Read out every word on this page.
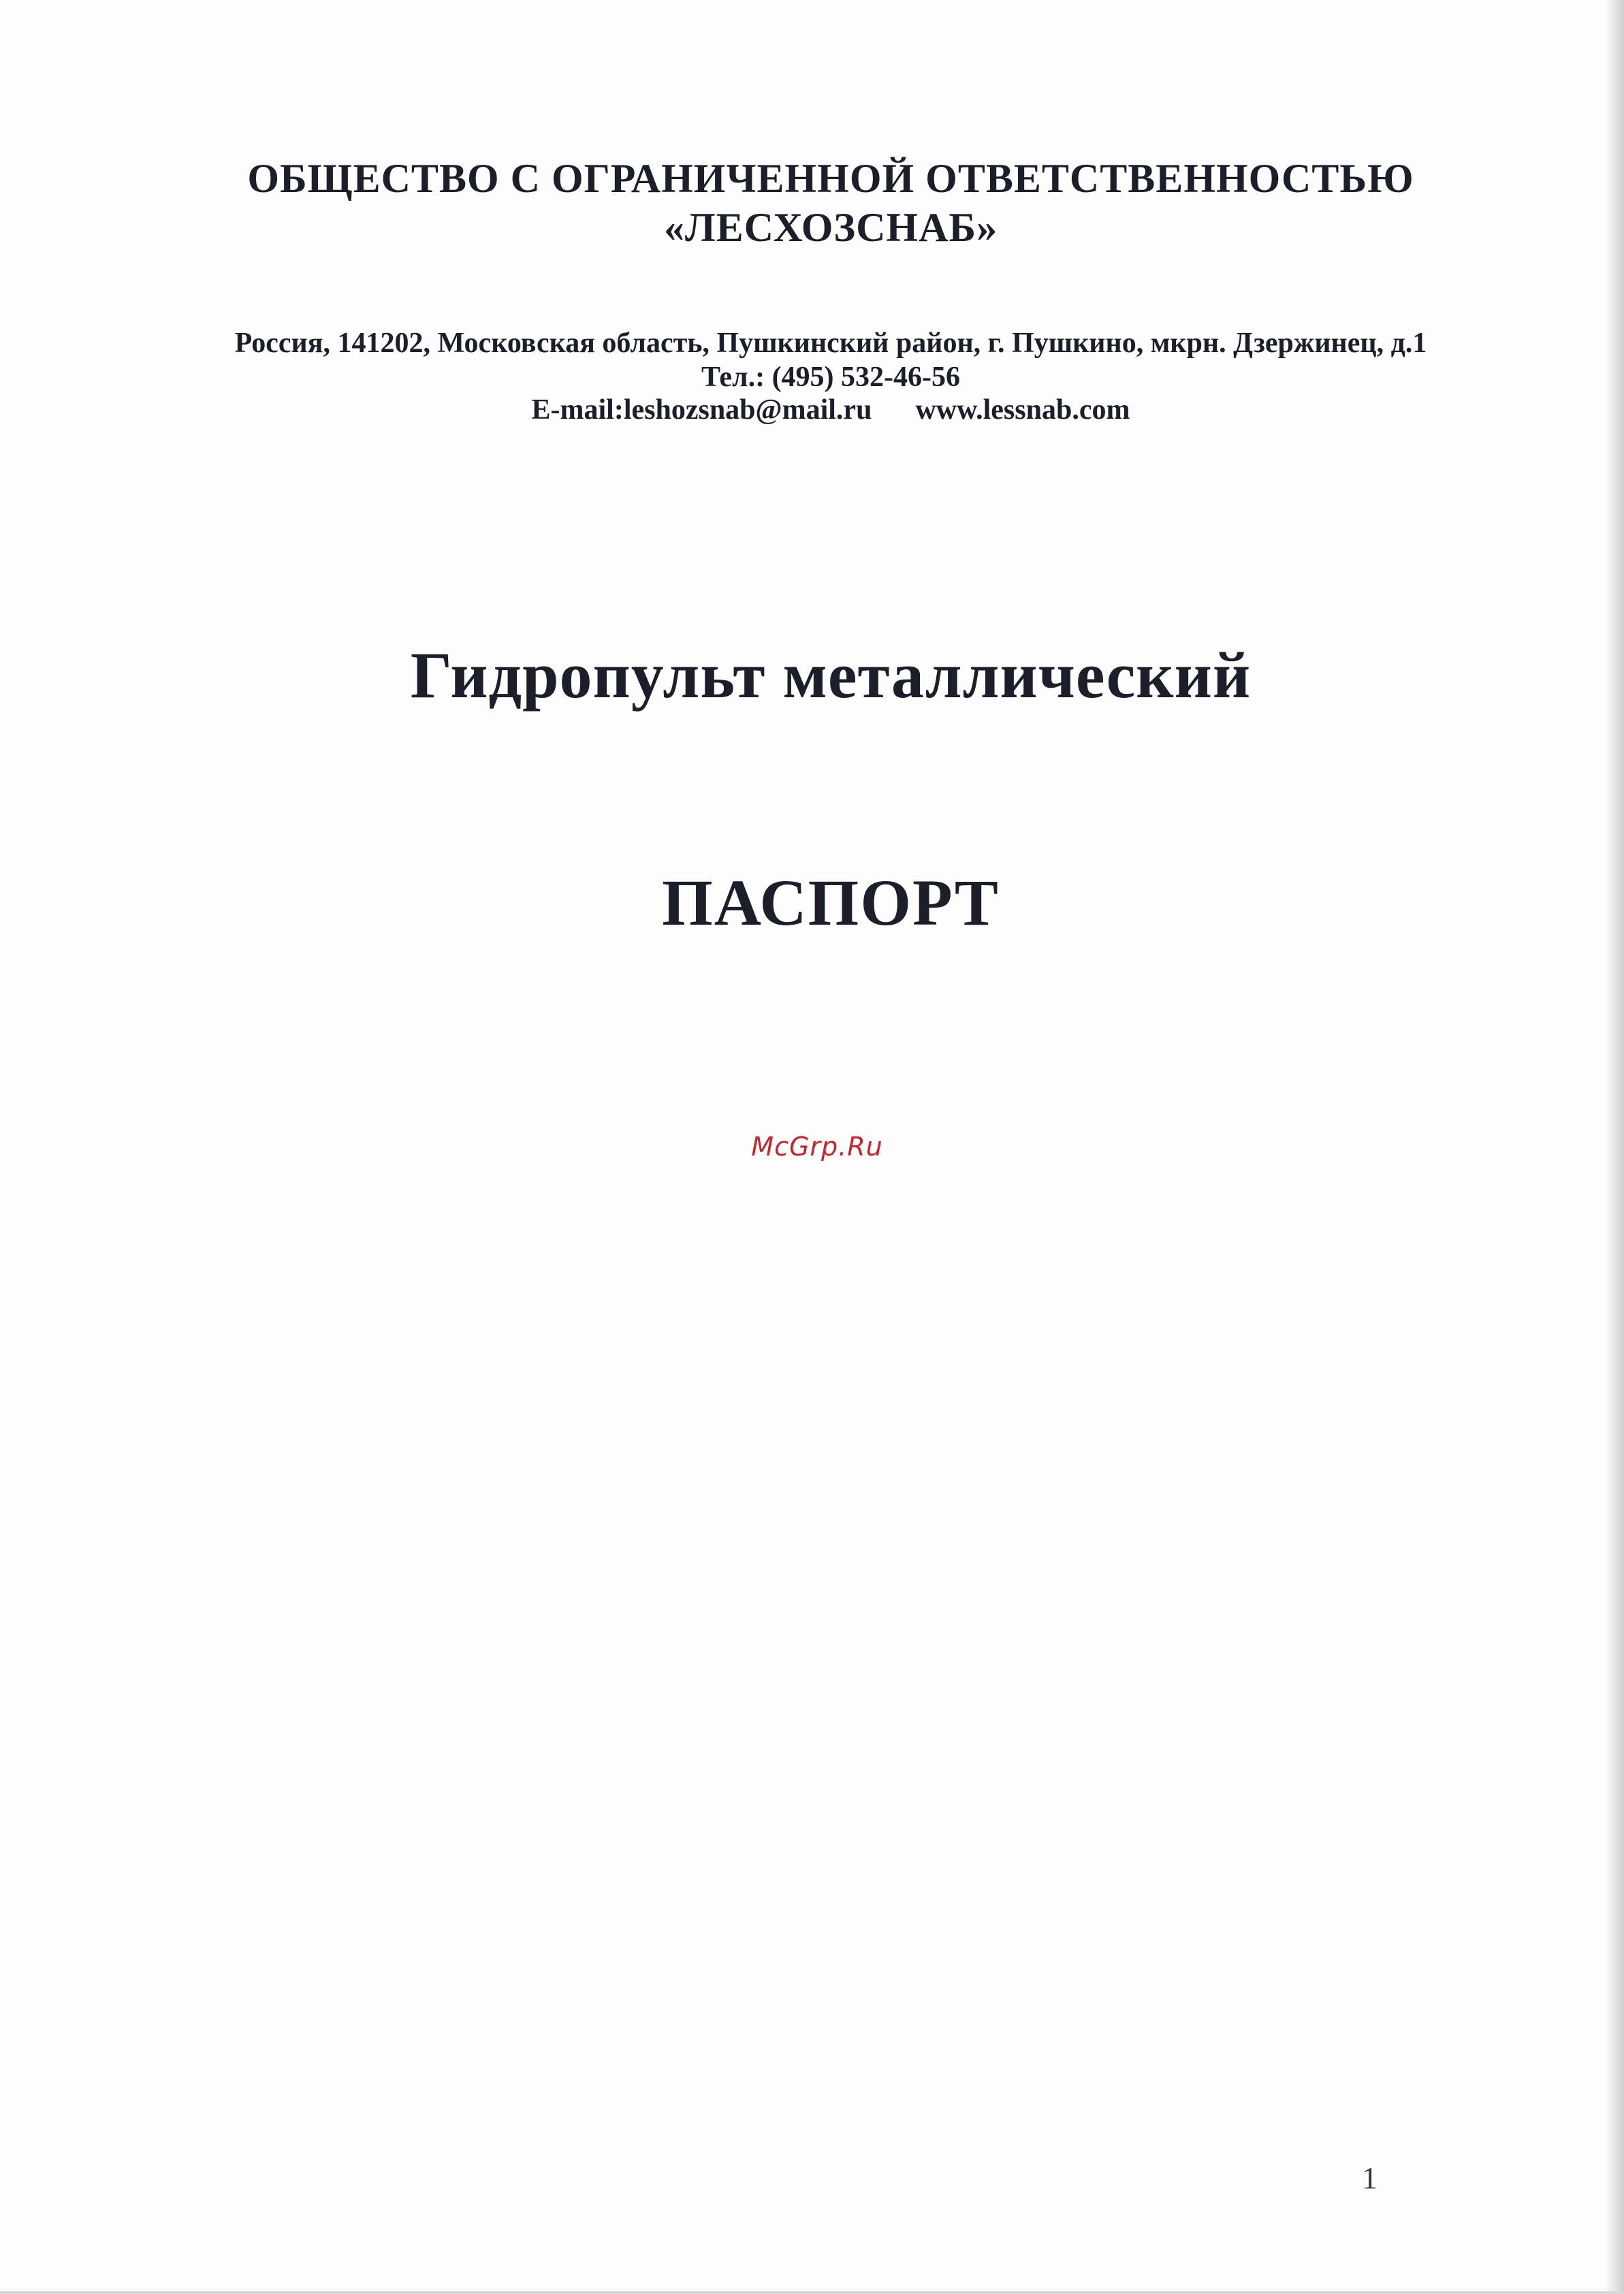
ОБЩЕСТВО С ОГРАНИЧЕННОЙ ОТВЕТСТВЕННОСТЬЮ
«ЛЕСХОЗСНАБ»
Россия, 141202, Московская область, Пушкинский район, г. Пушкино, мкрн. Дзержинец, д.1
Тел.: (495) 532-46-56
E-mail:leshozsnab@mail.ru www.lessnab.com
Гидропульт металлический
ПАСПОРТ
McGrp.Ru
1
